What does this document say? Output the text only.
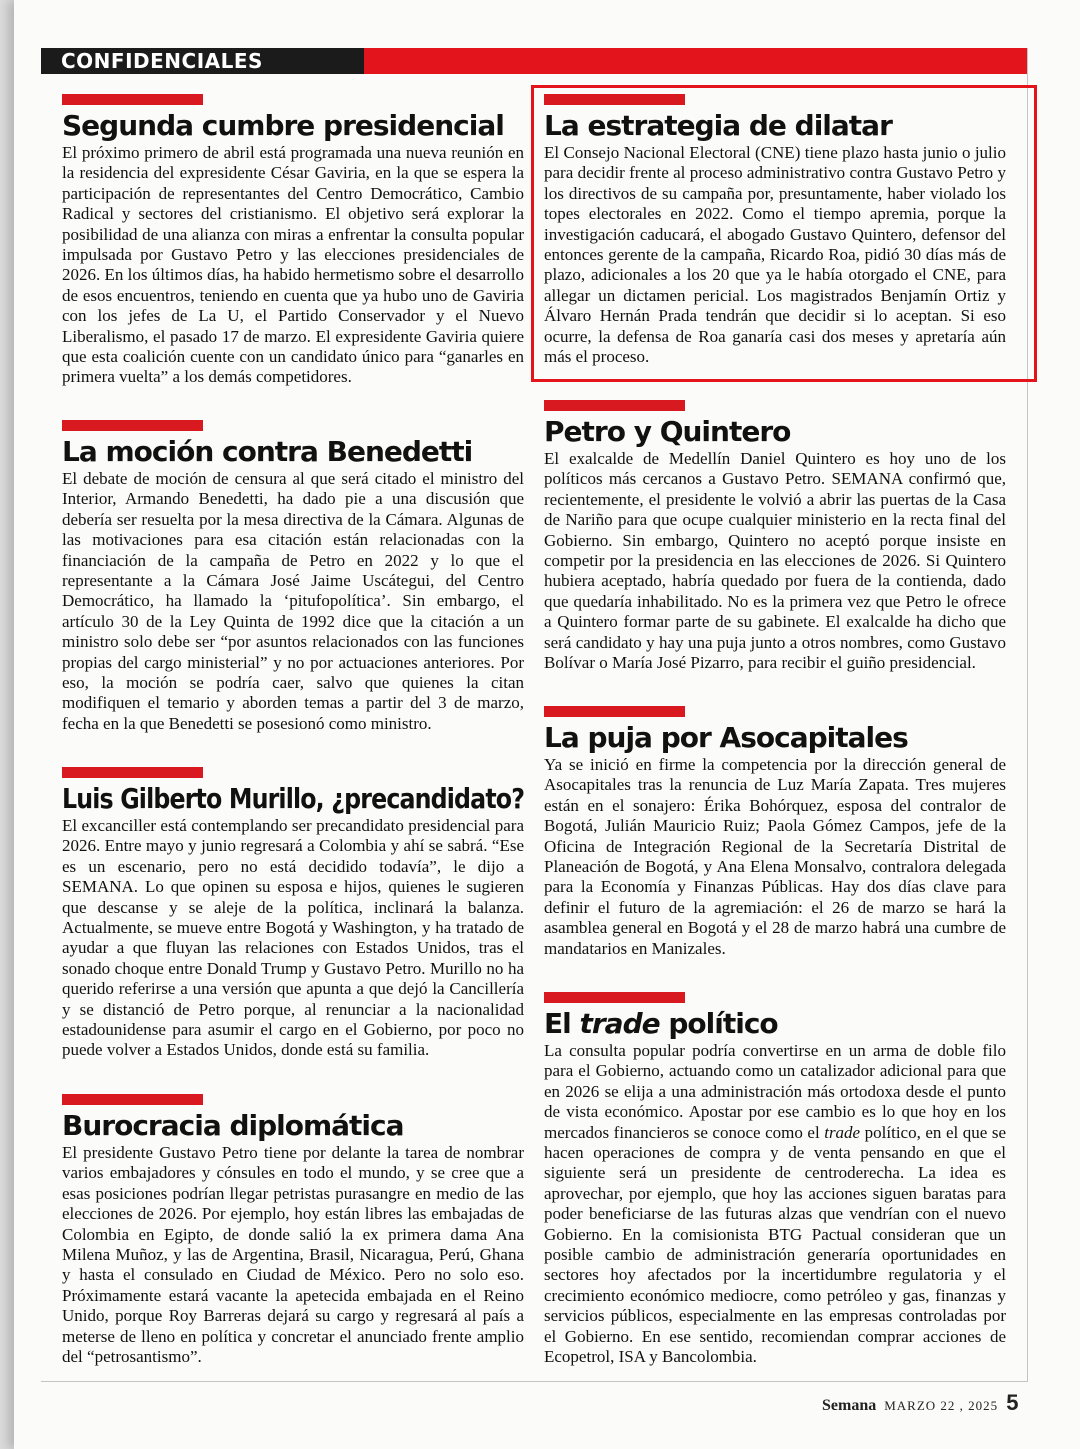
CONFIDENCIALES
Segunda cumbre presidencial

El próximo primero de abril está programada una nueva reunión en la residencia del expresidente César Gaviria, en la que se espera la participación de representantes del Centro Democrático, Cambio Radical y sectores del cristianismo. El objetivo será explorar la posibilidad de una alianza con miras a enfrentar la consulta popular impulsada por Gustavo Petro y las elecciones presidenciales de 2026. En los últimos días, ha habido hermetismo sobre el desarrollo de esos encuentros, teniendo en cuenta que ya hubo uno de Gaviria con los jefes de La U, el Partido Conservador y el Nuevo Liberalismo, el pasado 17 de marzo. El expresidente Gaviria quiere que esta coalición cuente con un candidato único para “ganarles en primera vuelta” a los demás competidores.

La moción contra Benedetti

El debate de moción de censura al que será citado el ministro del Interior, Armando Benedetti, ha dado pie a una discusión que debería ser resuelta por la mesa directiva de la Cámara. Algunas de las motivaciones para esa citación están relacionadas con la financiación de la campaña de Petro en 2022 y lo que el representante a la Cámara José Jaime Uscátegui, del Centro Democrático, ha llamado la ‘pitufopolítica’. Sin embargo, el artículo 30 de la Ley Quinta de 1992 dice que la citación a un ministro solo debe ser “por asuntos relacionados con las funciones propias del cargo ministerial” y no por actuaciones anteriores. Por eso, la moción se podría caer, salvo que quienes la citan modifiquen el temario y aborden temas a partir del 3 de marzo, fecha en la que Benedetti se posesionó como ministro.

Luis Gilberto Murillo, ¿precandidato?

El excanciller está contemplando ser precandidato presidencial para 2026. Entre mayo y junio regresará a Colombia y ahí se sabrá. “Ese es un escenario, pero no está decidido todavía”, le dijo a SEMANA. Lo que opinen su esposa e hijos, quienes le sugieren que descanse y se aleje de la política, inclinará la balanza. Actualmente, se mueve entre Bogotá y Washington, y ha tratado de ayudar a que fluyan las relaciones con Estados Unidos, tras el sonado choque entre Donald Trump y Gustavo Petro. Murillo no ha querido referirse a una versión que apunta a que dejó la Cancillería y se distanció de Petro porque, al renunciar a la nacionalidad estadounidense para asumir el cargo en el Gobierno, por poco no puede volver a Estados Unidos, donde está su familia.

Burocracia diplomática

El presidente Gustavo Petro tiene por delante la tarea de nombrar varios embajadores y cónsules en todo el mundo, y se cree que a esas posiciones podrían llegar petristas purasangre en medio de las elecciones de 2026. Por ejemplo, hoy están libres las embajadas de Colombia en Egipto, de donde salió la ex primera dama Ana Milena Muñoz, y las de Argentina, Brasil, Nicaragua, Perú, Ghana y hasta el consulado en Ciudad de México. Pero no solo eso. Próximamente estará vacante la apetecida embajada en el Reino Unido, porque Roy Barreras dejará su cargo y regresará al país a meterse de lleno en política y concretar el anunciado frente amplio del “petrosantismo”.

La estrategia de dilatar

El Consejo Nacional Electoral (CNE) tiene plazo hasta junio o julio para decidir frente al proceso administrativo contra Gustavo Petro y los directivos de su campaña por, presuntamente, haber violado los topes electorales en 2022. Como el tiempo apremia, porque la investigación caducará, el abogado Gustavo Quintero, defensor del entonces gerente de la campaña, Ricardo Roa, pidió 30 días más de plazo, adicionales a los 20 que ya le había otorgado el CNE, para allegar un dictamen pericial. Los magistrados Benjamín Ortiz y Álvaro Hernán Prada tendrán que decidir si lo aceptan. Si eso ocurre, la defensa de Roa ganaría casi dos meses y apretaría aún más el proceso.

Petro y Quintero

El exalcalde de Medellín Daniel Quintero es hoy uno de los políticos más cercanos a Gustavo Petro. SEMANA confirmó que, recientemente, el presidente le volvió a abrir las puertas de la Casa de Nariño para que ocupe cualquier ministerio en la recta final del Gobierno. Sin embargo, Quintero no aceptó porque insiste en competir por la presidencia en las elecciones de 2026. Si Quintero hubiera aceptado, habría quedado por fuera de la contienda, dado que quedaría inhabilitado. No es la primera vez que Petro le ofrece a Quintero formar parte de su gabinete. El exalcalde ha dicho que será candidato y hay una puja junto a otros nombres, como Gustavo Bolívar o María José Pizarro, para recibir el guiño presidencial.

La puja por Asocapitales

Ya se inició en firme la competencia por la dirección general de Asocapitales tras la renuncia de Luz María Zapata. Tres mujeres están en el sonajero: Érika Bohórquez, esposa del contralor de Bogotá, Julián Mauricio Ruiz; Paola Gómez Campos, jefe de la Oficina de Integración Regional de la Secretaría Distrital de Planeación de Bogotá, y Ana Elena Monsalvo, contralora delegada para la Economía y Finanzas Públicas. Hay dos días clave para definir el futuro de la agremiación: el 26 de marzo se hará la asamblea general en Bogotá y el 28 de marzo habrá una cumbre de mandatarios en Manizales.

El trade político

La consulta popular podría convertirse en un arma de doble filo para el Gobierno, actuando como un catalizador adicional para que en 2026 se elija a una administración más ortodoxa desde el punto de vista económico. Apostar por ese cambio es lo que hoy en los mercados financieros se conoce como el trade político, en el que se hacen operaciones de compra y de venta pensando en que el siguiente será un presidente de centroderecha. La idea es aprovechar, por ejemplo, que hoy las acciones siguen baratas para poder beneficiarse de las futuras alzas que vendrían con el nuevo Gobierno. En la comisionista BTG Pactual consideran que un posible cambio de administración generaría oportunidades en sectores hoy afectados por la incertidumbre regulatoria y el crecimiento económico mediocre, como petróleo y gas, finanzas y servicios públicos, especialmente en las empresas controladas por el Gobierno. En ese sentido, recomiendan comprar acciones de Ecopetrol, ISA y Bancolombia.

Semana MARZO 22 , 2025 5
